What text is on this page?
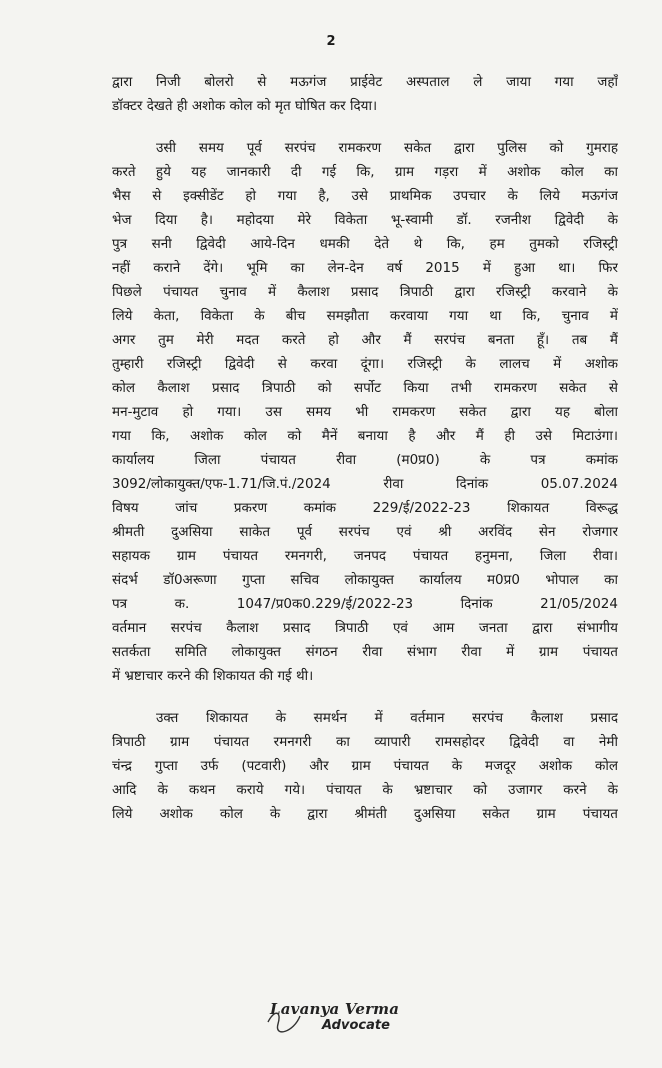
2
द्वारा निजी बोलरो से मऊगंज प्राईवेट अस्पताल ले जाया गया जहाँ
डॉक्टर देखते ही अशोक कोल को मृत घोषित कर दिया।
उसी समय पूर्व सरपंच रामकरण सकेत द्वारा पुलिस को गुमराह
करते हुये यह जानकारी दी गई कि, ग्राम गड़रा में अशोक कोल का
भैस से इक्सीडेंट हो गया है, उसे प्राथमिक उपचार के लिये मऊगंज
भेज दिया है। महोदया मेरे विकेता भू-स्वामी डॉ. रजनीश द्विवेदी के
पुत्र सनी द्विवेदी आये-दिन धमकी देते थे कि, हम तुमको रजिस्ट्री
नहीं कराने देंगे। भूमि का लेन-देन वर्ष 2015 में हुआ था। फिर
पिछले पंचायत चुनाव में कैलाश प्रसाद त्रिपाठी द्वारा रजिस्ट्री करवाने के
लिये केता, विकेता के बीच समझौता करवाया गया था कि, चुनाव में
अगर तुम मेरी मदत करते हो और मैं सरपंच बनता हूँ। तब मैं
तुम्हारी रजिस्ट्री द्विवेदी से करवा दूंगा। रजिस्ट्री के लालच में अशोक
कोल कैलाश प्रसाद त्रिपाठी को सर्पोट किया तभी रामकरण सकेत से
मन-मुटाव हो गया। उस समय भी रामकरण सकेत द्वारा यह बोला
गया कि, अशोक कोल को मैनें बनाया है और मैं ही उसे मिटाउंगा।
कार्यालय जिला पंचायत रीवा (म0प्र0) के पत्र कमांक
3092/लोकायुक्त/एफ-1.71/जि.पं./2024 रीवा दिनांक 05.07.2024
विषय जांच प्रकरण कमांक 229/ई/2022-23 शिकायत विरूद्ध
श्रीमती दुअसिया साकेत पूर्व सरपंच एवं श्री अरविंद सेन रोजगार
सहायक ग्राम पंचायत रमनगरी, जनपद पंचायत हनुमना, जिला रीवा।
संदर्भ डॉ0अरूणा गुप्ता सचिव लोकायुक्त कार्यालय म0प्र0 भोपाल का
पत्र क. 1047/प्र0क0.229/ई/2022-23 दिनांक 21/05/2024
वर्तमान सरपंच कैलाश प्रसाद त्रिपाठी एवं आम जनता द्वारा संभागीय
सतर्कता समिति लोकायुक्त संगठन रीवा संभाग रीवा में ग्राम पंचायत
में भ्रष्टाचार करने की शिकायत की गई थी।
उक्त शिकायत के समर्थन में वर्तमान सरपंच कैलाश प्रसाद
त्रिपाठी ग्राम पंचायत रमनगरी का व्यापारी रामसहोदर द्विवेदी वा नेमी
चंन्द्र गुप्ता उर्फ (पटवारी) और ग्राम पंचायत के मजदूर अशोक कोल
आदि के कथन कराये गये। पंचायत के भ्रष्टाचार को उजागर करने के
लिये अशोक कोल के द्वारा श्रीमंती दुअसिया सकेत ग्राम पंचायत
Lavanya Verma
Advocate
